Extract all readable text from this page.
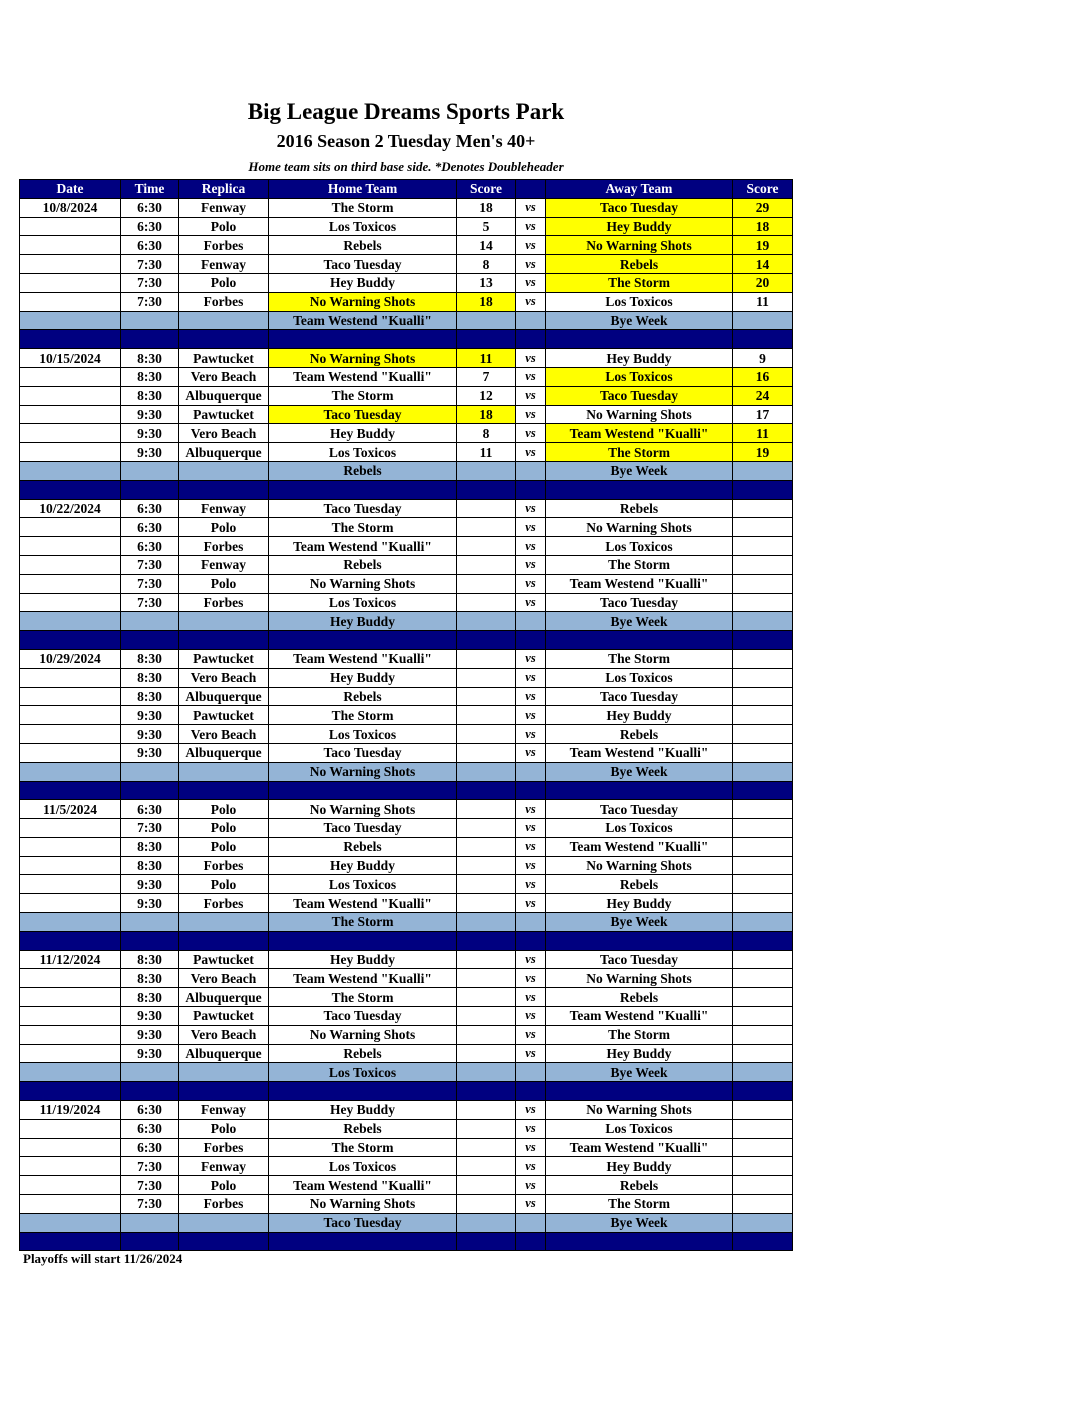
Big League Dreams Sports Park
2016 Season 2 Tuesday Men's 40+
Home team sits on third base side. *Denotes Doubleheader
Date	Time	Replica	Home Team	Score		Away Team	Score
10/8/2024	6:30	Fenway	The Storm	18	vs	Taco Tuesday	29
	6:30	Polo	Los Toxicos	5	vs	Hey Buddy	18
	6:30	Forbes	Rebels	14	vs	No Warning Shots	19
	7:30	Fenway	Taco Tuesday	8	vs	Rebels	14
	7:30	Polo	Hey Buddy	13	vs	The Storm	20
	7:30	Forbes	No Warning Shots	18	vs	Los Toxicos	11
			Team Westend "Kualli"			Bye Week	

10/15/2024	8:30	Pawtucket	No Warning Shots	11	vs	Hey Buddy	9
	8:30	Vero Beach	Team Westend "Kualli"	7	vs	Los Toxicos	16
	8:30	Albuquerque	The Storm	12	vs	Taco Tuesday	24
	9:30	Pawtucket	Taco Tuesday	18	vs	No Warning Shots	17
	9:30	Vero Beach	Hey Buddy	8	vs	Team Westend "Kualli"	11
	9:30	Albuquerque	Los Toxicos	11	vs	The Storm	19
			Rebels			Bye Week	

10/22/2024	6:30	Fenway	Taco Tuesday		vs	Rebels	
	6:30	Polo	The Storm		vs	No Warning Shots	
	6:30	Forbes	Team Westend "Kualli"		vs	Los Toxicos	
	7:30	Fenway	Rebels		vs	The Storm	
	7:30	Polo	No Warning Shots		vs	Team Westend "Kualli"	
	7:30	Forbes	Los Toxicos		vs	Taco Tuesday	
			Hey Buddy			Bye Week	

10/29/2024	8:30	Pawtucket	Team Westend "Kualli"		vs	The Storm	
	8:30	Vero Beach	Hey Buddy		vs	Los Toxicos	
	8:30	Albuquerque	Rebels		vs	Taco Tuesday	
	9:30	Pawtucket	The Storm		vs	Hey Buddy	
	9:30	Vero Beach	Los Toxicos		vs	Rebels	
	9:30	Albuquerque	Taco Tuesday		vs	Team Westend "Kualli"	
			No Warning Shots			Bye Week	

11/5/2024	6:30	Polo	No Warning Shots		vs	Taco Tuesday	
	7:30	Polo	Taco Tuesday		vs	Los Toxicos	
	8:30	Polo	Rebels		vs	Team Westend "Kualli"	
	8:30	Forbes	Hey Buddy		vs	No Warning Shots	
	9:30	Polo	Los Toxicos		vs	Rebels	
	9:30	Forbes	Team Westend "Kualli"		vs	Hey Buddy	
			The Storm			Bye Week	

11/12/2024	8:30	Pawtucket	Hey Buddy		vs	Taco Tuesday	
	8:30	Vero Beach	Team Westend "Kualli"		vs	No Warning Shots	
	8:30	Albuquerque	The Storm		vs	Rebels	
	9:30	Pawtucket	Taco Tuesday		vs	Team Westend "Kualli"	
	9:30	Vero Beach	No Warning Shots		vs	The Storm	
	9:30	Albuquerque	Rebels		vs	Hey Buddy	
			Los Toxicos			Bye Week	

11/19/2024	6:30	Fenway	Hey Buddy		vs	No Warning Shots	
	6:30	Polo	Rebels		vs	Los Toxicos	
	6:30	Forbes	The Storm		vs	Team Westend "Kualli"	
	7:30	Fenway	Los Toxicos		vs	Hey Buddy	
	7:30	Polo	Team Westend "Kualli"		vs	Rebels	
	7:30	Forbes	No Warning Shots		vs	The Storm	
			Taco Tuesday			Bye Week	

Playoffs will start 11/26/2024
